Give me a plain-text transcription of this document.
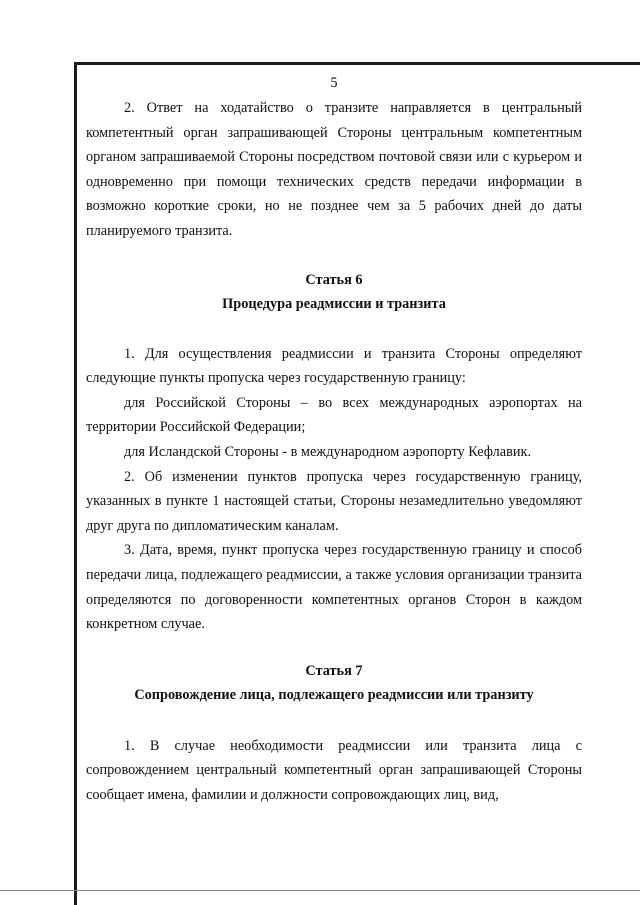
5

2. Ответ на ходатайство о транзите направляется в центральный компетентный орган запрашивающей Стороны центральным компетентным органом запрашиваемой Стороны посредством почтовой связи или с курьером и одновременно при помощи технических средств передачи информации в возможно короткие сроки, но не позднее чем за 5 рабочих дней до даты планируемого транзита.

Статья 6

Процедура реадмиссии и транзита

1. Для осуществления реадмиссии и транзита Стороны определяют следующие пункты пропуска через государственную границу:

для Российской Стороны – во всех международных аэропортах на территории Российской Федерации;

для Исландской Стороны - в международном аэропорту Кефлавик.

2. Об изменении пунктов пропуска через государственную границу, указанных в пункте 1 настоящей статьи, Стороны незамедлительно уведомляют друг друга по дипломатическим каналам.

3. Дата, время, пункт пропуска через государственную границу и способ передачи лица, подлежащего реадмиссии, а также условия организации транзита определяются по договоренности компетентных органов Сторон в каждом конкретном случае.

Статья 7

Сопровождение лица, подлежащего реадмиссии или транзиту

1. В случае необходимости реадмиссии или транзита лица с сопровождением центральный компетентный орган запрашивающей Стороны сообщает имена, фамилии и должности сопровождающих лиц, вид,
